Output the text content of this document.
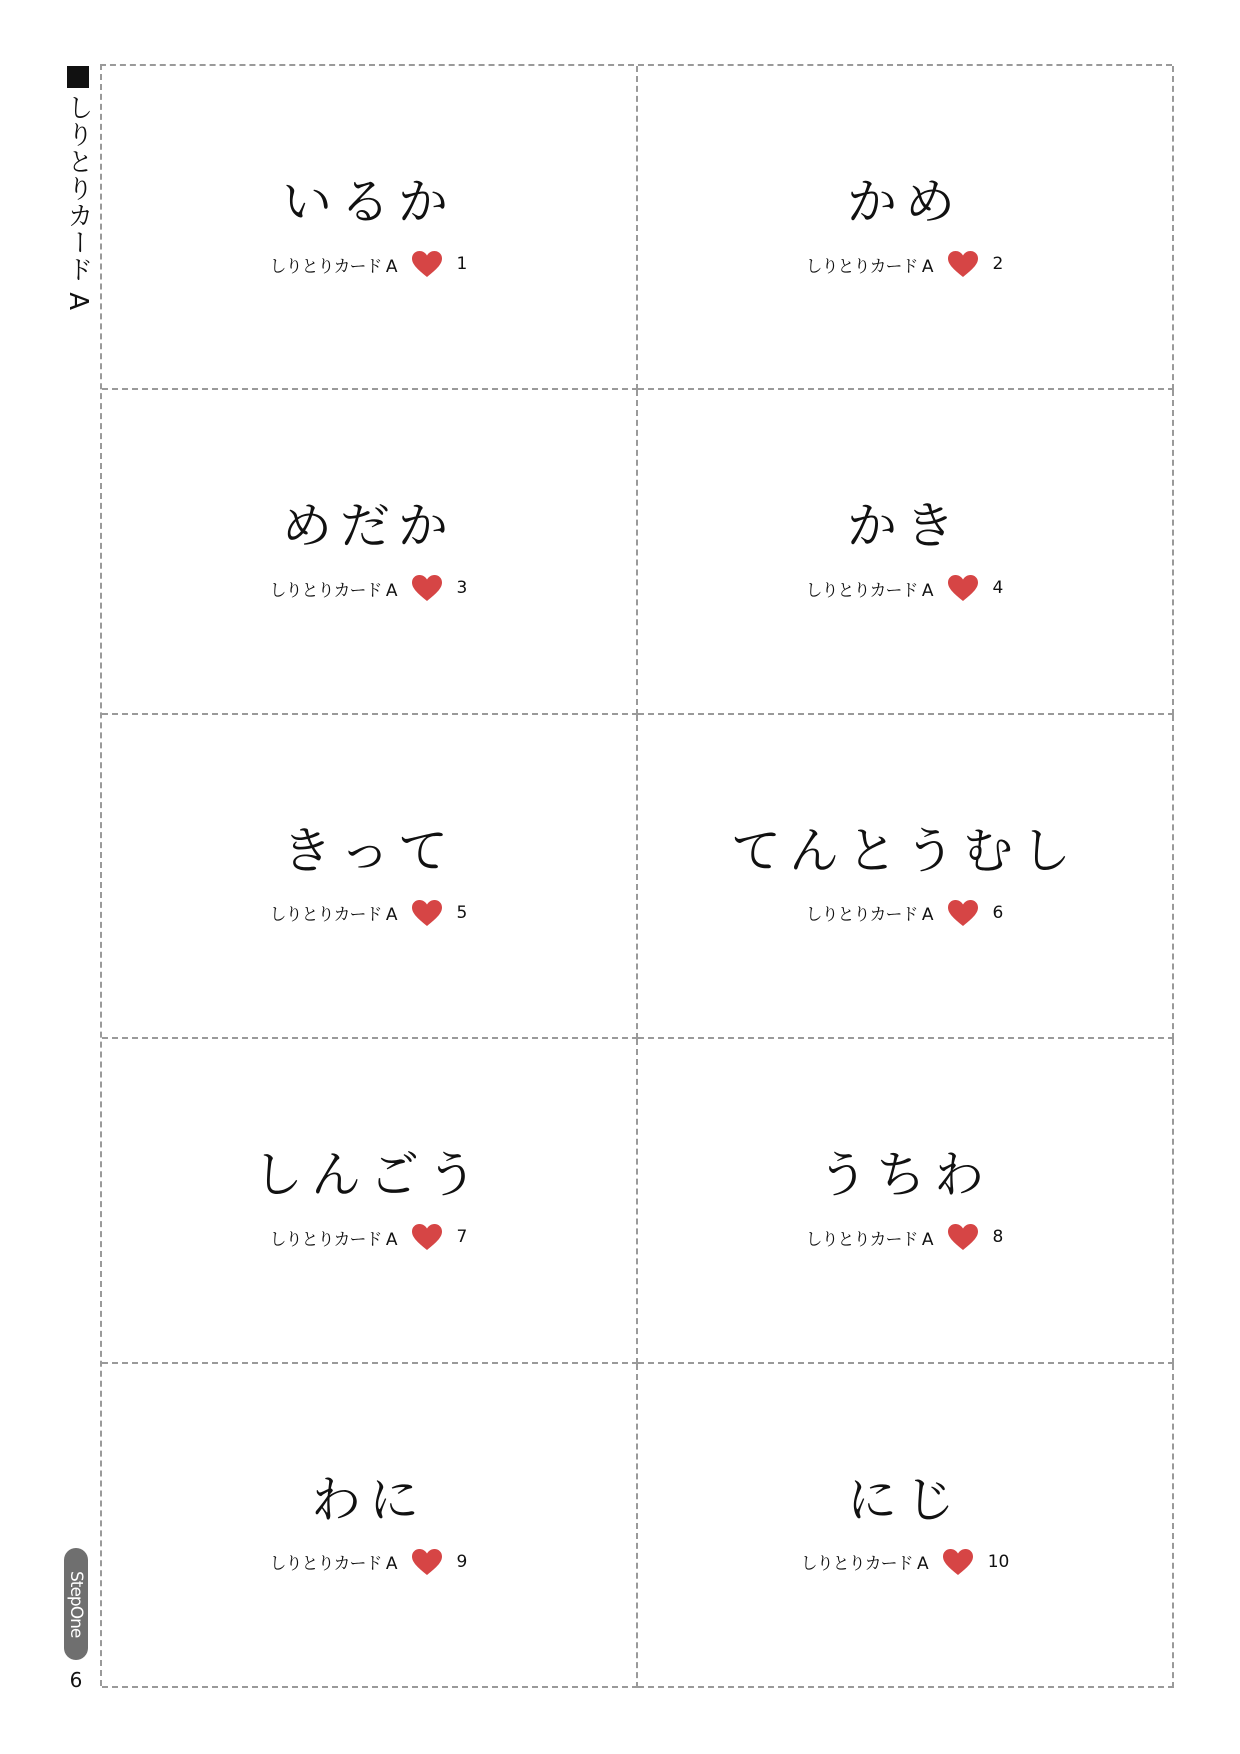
しりとりカード A
StepOne
6
いるか
しりとりカード A	1
かめ
しりとりカード A	2
めだか
しりとりカード A	3
かき
しりとりカード A	4
きって
しりとりカード A	5
てんとうむし
しりとりカード A	6
しんごう
しりとりカード A	7
うちわ
しりとりカード A	8
わに
しりとりカード A	9
にじ
しりとりカード A	10
